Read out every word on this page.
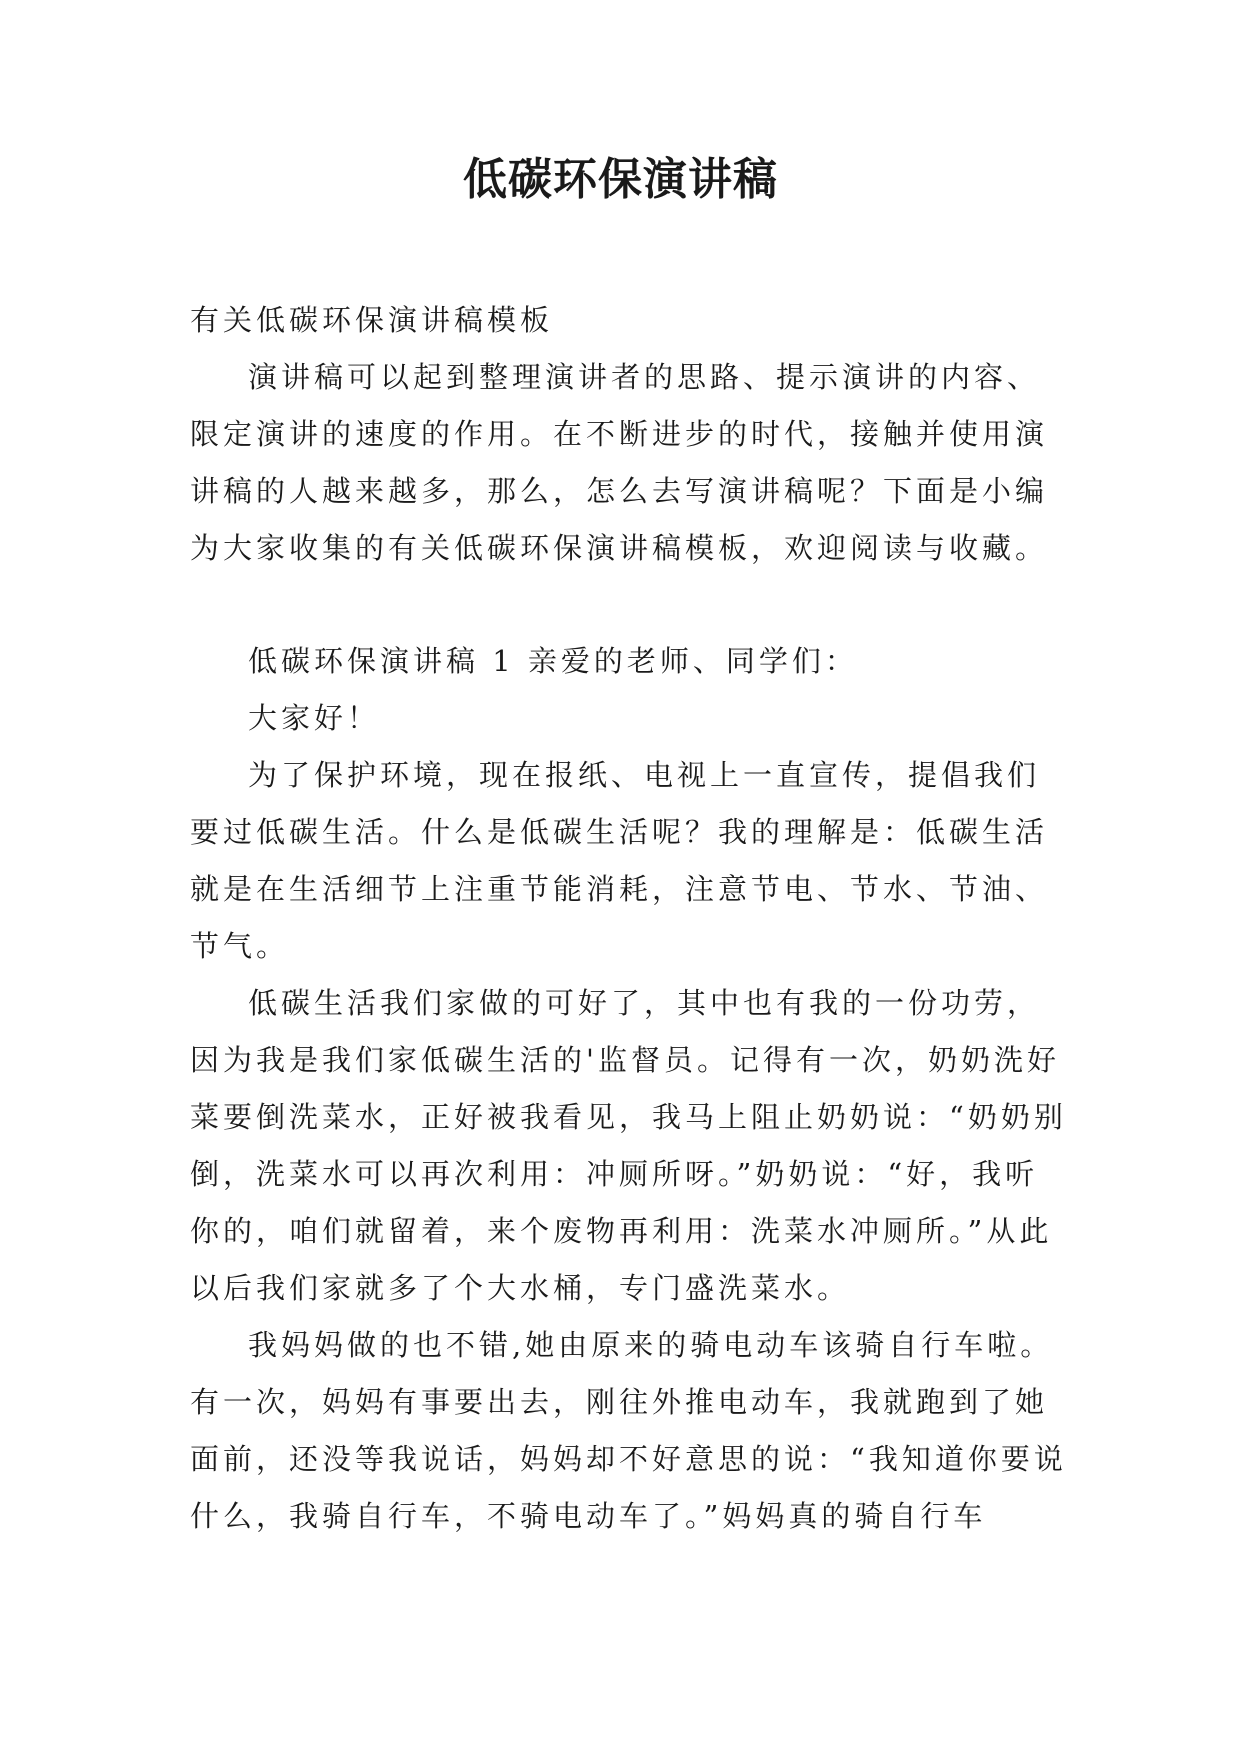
低碳环保演讲稿

有关低碳环保演讲稿模板

演讲稿可以起到整理演讲者的思路、提示演讲的内容、限定演讲的速度的作用。在不断进步的时代，接触并使用演讲稿的人越来越多，那么，怎么去写演讲稿呢？下面是小编为大家收集的有关低碳环保演讲稿模板，欢迎阅读与收藏。

低碳环保演讲稿 1 亲爱的老师、同学们：

大家好！

为了保护环境，现在报纸、电视上一直宣传，提倡我们要过低碳生活。什么是低碳生活呢？我的理解是：低碳生活就是在生活细节上注重节能消耗，注意节电、节水、节油、节气。

低碳生活我们家做的可好了，其中也有我的一份功劳，因为我是我们家低碳生活的'监督员。记得有一次，奶奶洗好菜要倒洗菜水，正好被我看见，我马上阻止奶奶说：“奶奶别倒，洗菜水可以再次利用：冲厕所呀。”奶奶说：“好，我听你的，咱们就留着，来个废物再利用：洗菜水冲厕所。”从此以后我们家就多了个大水桶，专门盛洗菜水。

我妈妈做的也不错,她由原来的骑电动车该骑自行车啦。有一次，妈妈有事要出去，刚往外推电动车，我就跑到了她面前，还没等我说话，妈妈却不好意思的说：“我知道你要说什么，我骑自行车，不骑电动车了。”妈妈真的骑自行车
